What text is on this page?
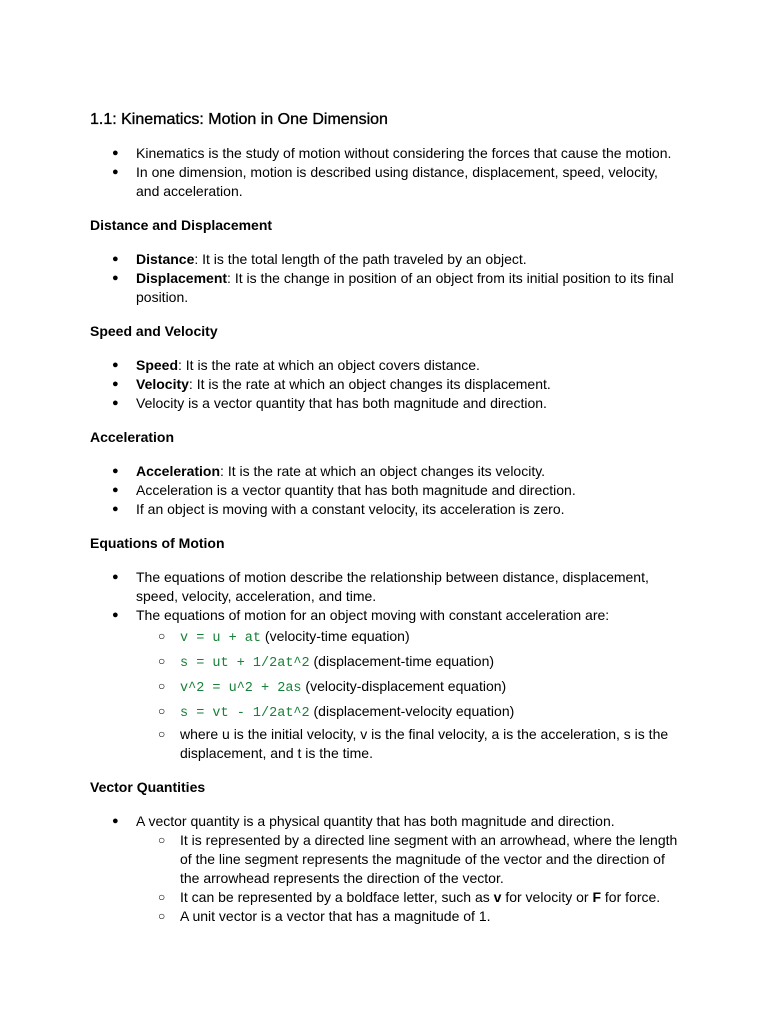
1.1: Kinematics: Motion in One Dimension
● Kinematics is the study of motion without considering the forces that cause the motion.
● In one dimension, motion is described using distance, displacement, speed, velocity, and acceleration.
Distance and Displacement
● Distance: It is the total length of the path traveled by an object.
● Displacement: It is the change in position of an object from its initial position to its final position.
Speed and Velocity
● Speed: It is the rate at which an object covers distance.
● Velocity: It is the rate at which an object changes its displacement.
● Velocity is a vector quantity that has both magnitude and direction.
Acceleration
● Acceleration: It is the rate at which an object changes its velocity.
● Acceleration is a vector quantity that has both magnitude and direction.
● If an object is moving with a constant velocity, its acceleration is zero.
Equations of Motion
● The equations of motion describe the relationship between distance, displacement, speed, velocity, acceleration, and time.
● The equations of motion for an object moving with constant acceleration are:
○ v = u + at (velocity-time equation)
○ s = ut + 1/2at^2 (displacement-time equation)
○ v^2 = u^2 + 2as (velocity-displacement equation)
○ s = vt - 1/2at^2 (displacement-velocity equation)
○ where u is the initial velocity, v is the final velocity, a is the acceleration, s is the displacement, and t is the time.
Vector Quantities
● A vector quantity is a physical quantity that has both magnitude and direction.
○ It is represented by a directed line segment with an arrowhead, where the length of the line segment represents the magnitude of the vector and the direction of the arrowhead represents the direction of the vector.
○ It can be represented by a boldface letter, such as v for velocity or F for force.
○ A unit vector is a vector that has a magnitude of 1.
